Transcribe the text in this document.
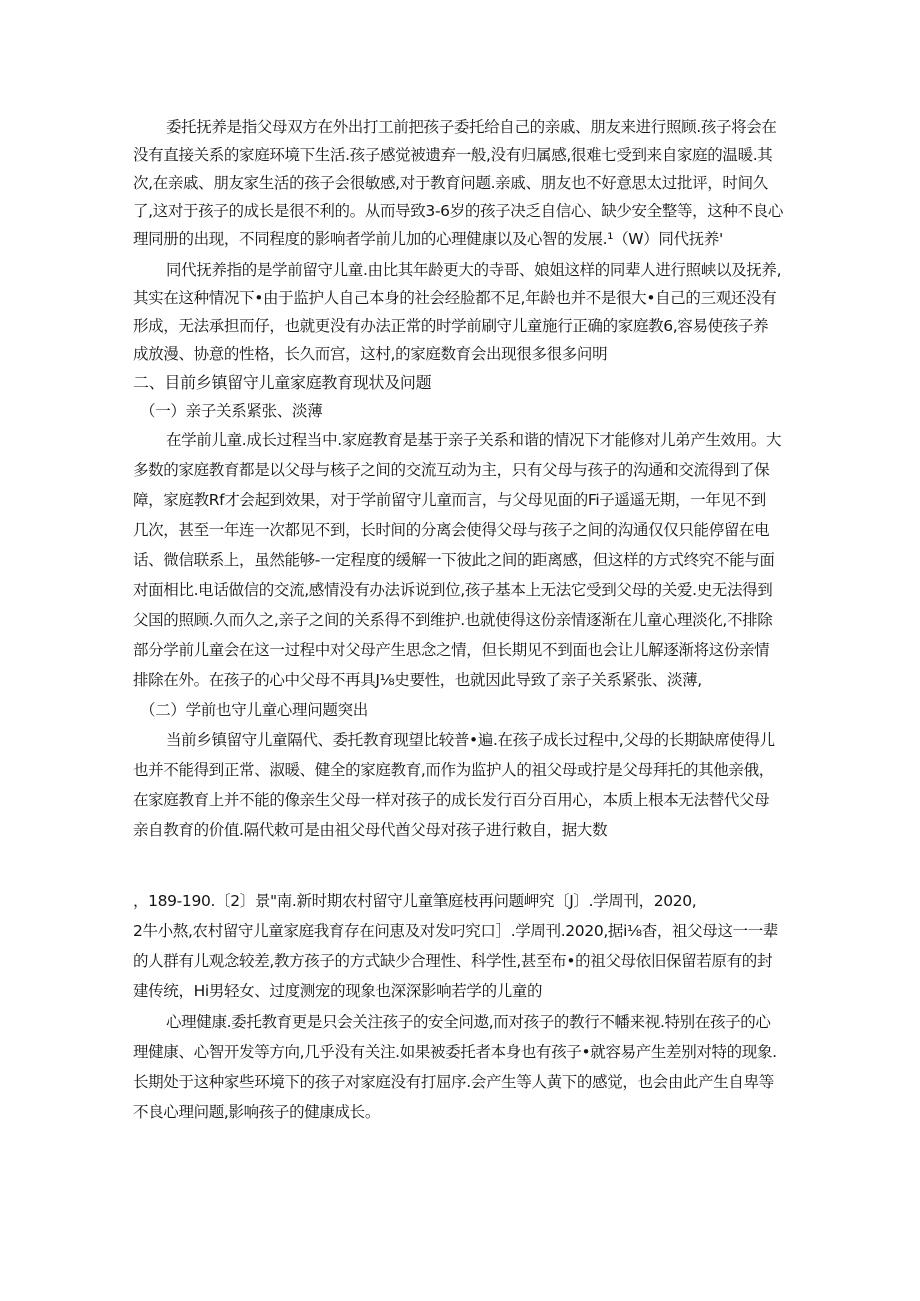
委托抚养是指父母双方在外出打工前把孩子委托给自己的亲戚、朋友来进行照顾.孩子将会在
没有直接关系的家庭环境下生活.孩子感觉被遗弃一般,没有归属感,很难七受到来自家庭的温暖.其
次,在亲戚、朋友家生活的孩子会很敏感,对于教育问题.亲戚、朋友也不好意思太过批评，时间久
了,这对于孩子的成长是很不利的。从而导致3-6岁的孩子决乏自信心、缺少安全整等，这种不良心
理同册的出现，不同程度的影响者学前儿加的心理健康以及心智的发展.¹（W）同代抚养'
同代抚养指的是学前留守儿童.由比其年龄更大的寺哥、娘姐这样的同辈人进行照峡以及抚养,
其实在这种情况下•由于监护人自己本身的社会经脸都不足,年龄也并不是很大•自己的三观还没有
形成，无法承担而仔，也就更没有办法正常的时学前刷守儿童施行正确的家庭教6,容易使孩子养
成放漫、协意的性格，长久而宫，这村,的家庭数育会出现很多很多问明
二、目前乡镇留守儿童家庭教育现状及问题
（一）亲子关系紧张、淡薄
在学前儿童.成长过程当中.家庭教育是基于亲子关系和谐的情况下才能修对儿弟产生效用。大
多数的家庭教育都是以父母与核子之间的交流互动为主，只有父母与孩子的沟通和交流得到了保
障，家庭教Rf才会起到效果，对于学前留守儿童而言，与父母见面的Fi子遥遥无期，一年见不到
几次，甚至一年连一次都见不到，长时间的分离会使得父母与孩子之间的沟通仅仅只能停留在电
话、微信联系上，虽然能够-一定程度的缓解一下彼此之间的距离感，但这样的方式终究不能与面
对面相比.电话做信的交流,感情没有办法诉说到位,孩子基本上无法它受到父母的关爱.史无法得到
父国的照顾.久而久之,亲子之间的关系得不到维护.也就使得这份亲情逐渐在儿童心理淡化,不排除
部分学前儿童会在这一过程中对父母产生思念之情，但长期见不到面也会让儿解逐渐将这份亲情
排除在外。在孩子的心中父母不再具J⅛史要性，也就因此导致了亲子关系紧张、淡薄,
（二）学前也守儿童心理问题突出
当前乡镇留守儿童隔代、委托教育现望比较普•遍.在孩子成长过程中,父母的长期缺席使得儿
也并不能得到正常、淑暖、健全的家庭教育,而作为监护人的祖父母或拧是父母拜托的其他亲俄，
在家庭教育上并不能的像亲生父母一样对孩子的成长发行百分百用心，本质上根本无法替代父母
亲自教育的价值.隔代敕可是由祖父母代酋父母对孩子进行敕自，据大数
，189-190.〔2〕景"南.新时期农村留守儿童筆庭枝再问题岬究〔J〕.学周刊，2020,
2牛小熬,农村留守儿童家庭我育存在问恵及对发叼究口］.学周刊.2020,据i⅛杳，祖父母这一一辈
的人群有儿观念较差,教方孩子的方式缺少合理性、科学性,甚至布•的祖父母依旧保留若原有的封
建传统，Hi男轻女、过度测宠的现象也深深影响若学的儿童的
心理健康.委托教育更是只会关注孩子的安全问遨,而对孩子的教行不幡来视.特别在孩子的心
理健康、心智开发等方向,几乎没有关注.如果被委托者本身也有孩子•就容易产生差别对特的现象.
长期处于这种家些环境下的孩子对家庭没有打屈序.会产生等人黄下的感觉，也会由此产生自卑等
不良心理问题,影响孩子的健康成长。
